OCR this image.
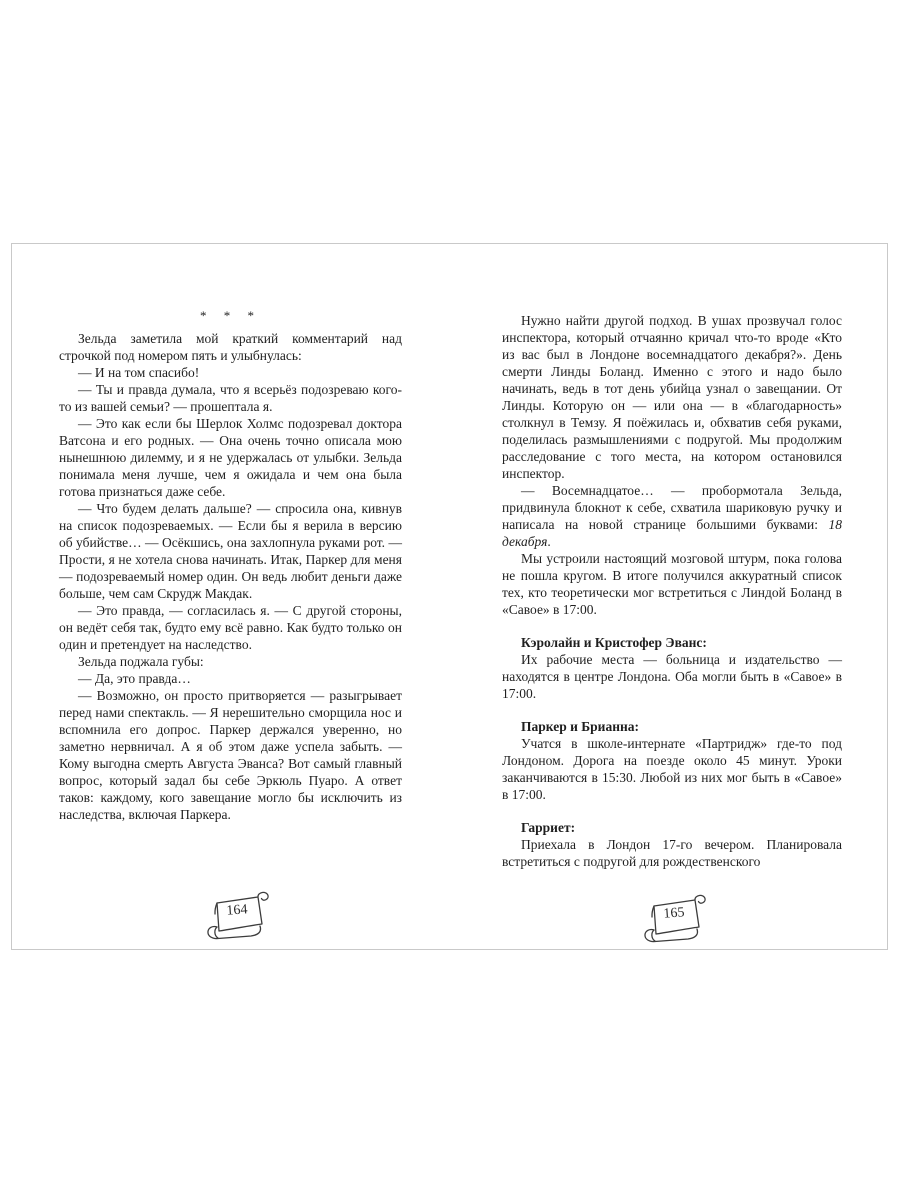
* * *

Зельда заметила мой краткий комментарий над строчкой под номером пять и улыбнулась:

— И на том спасибо!

— Ты и правда думала, что я всерьёз подозреваю кого-то из вашей семьи? — прошептала я.

— Это как если бы Шерлок Холмс подозревал доктора Ватсона и его родных. — Она очень точно описала мою нынешнюю дилемму, и я не удержалась от улыбки. Зельда понимала меня лучше, чем я ожидала и чем она была готова признаться даже себе.

— Что будем делать дальше? — спросила она, кивнув на список подозреваемых. — Если бы я верила в версию об убийстве… — Осёкшись, она захлопнула руками рот. — Прости, я не хотела снова начинать. Итак, Паркер для меня — подозреваемый номер один. Он ведь любит деньги даже больше, чем сам Скрудж Макдак.

— Это правда, — согласилась я. — С другой стороны, он ведёт себя так, будто ему всё равно. Как будто только он один и претендует на наследство.

Зельда поджала губы:

— Да, это правда…

— Возможно, он просто притворяется — разыгрывает перед нами спектакль. — Я нерешительно сморщила нос и вспомнила его допрос. Паркер держался уверенно, но заметно нервничал. А я об этом даже успела забыть. — Кому выгодна смерть Августа Эванса? Вот самый главный вопрос, который задал бы себе Эркюль Пуаро. А ответ таков: каждому, кого завещание могло бы исключить из наследства, включая Паркера.

Нужно найти другой подход. В ушах прозвучал голос инспектора, который отчаянно кричал что-то вроде «Кто из вас был в Лондоне восемнадцатого декабря?». День смерти Линды Боланд. Именно с этого и надо было начинать, ведь в тот день убийца узнал о завещании. От Линды. Которую он — или она — в «благодарность» столкнул в Темзу. Я поёжилась и, обхватив себя руками, поделилась размышлениями с подругой. Мы продолжим расследование с того места, на котором остановился инспектор.

— Восемнадцатое… — пробормотала Зельда, придвинула блокнот к себе, схватила шариковую ручку и написала на новой странице большими буквами: 18 декабря.

Мы устроили настоящий мозговой штурм, пока голова не пошла кругом. В итоге получился аккуратный список тех, кто теоретически мог встретиться с Линдой Боланд в «Савое» в 17:00.

Кэролайн и Кристофер Эванс:

Их рабочие места — больница и издательство — находятся в центре Лондона. Оба могли быть в «Савое» в 17:00.

Паркер и Брианна:

Учатся в школе-интернате «Партридж» где-то под Лондоном. Дорога на поезде около 45 минут. Уроки заканчиваются в 15:30. Любой из них мог быть в «Савое» в 17:00.

Гарриет:

Приехала в Лондон 17-го вечером. Планировала встретиться с подругой для рождественского

164	165
